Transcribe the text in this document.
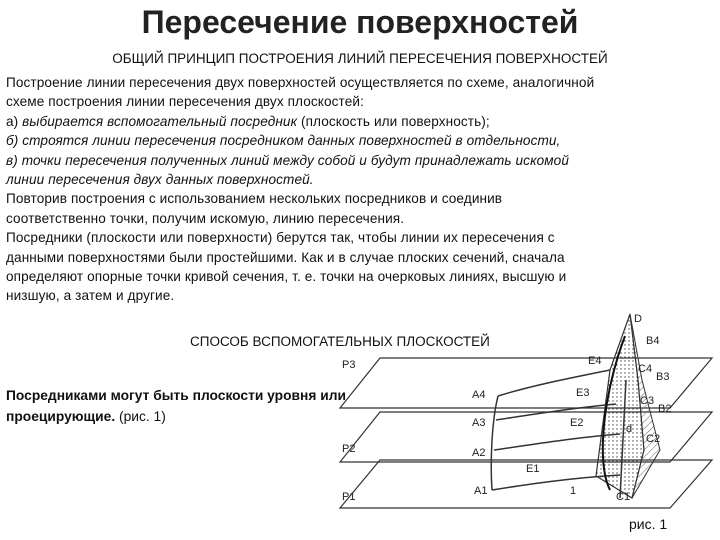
Пересечение поверхностей
ОБЩИЙ ПРИНЦИП ПОСТРОЕНИЯ ЛИНИЙ ПЕРЕСЕЧЕНИЯ ПОВЕРХНОСТЕЙ

Построение линии пересечения двух поверхностей осуществляется по схеме, аналогичной

схеме построения линии пересечения двух плоскостей:

а) выбирается вспомогательный посредник (плоскость или поверхность);

б) строятся линии пересечения посредником данных поверхностей в отдельности,

в) точки пересечения полученных линий между собой и будут принадлежать искомой

линии пересечения двух данных поверхностей.

Повторив построения с использованием нескольких посредников и соединив

соответственно точки, получим искомую, линию пересечения.

Посредники (плоскости или поверхности) берутся так, чтобы линии их пересечения с

данными поверхностями были простейшими. Как и в случае плоских сечений, сначала

определяют опорные точки кривой сечения, т. е. точки на очерковых линиях, высшую и

низшую, а затем и другие.

СПОСОБ ВСПОМОГАТЕЛЬНЫХ ПЛОСКОСТЕЙ
Посредниками могут быть плоскости уровня или
проецирующие. (рис. 1)
D
B4
E4
P3	C4
B3
A4	E3
C3
B2
A3	E2	d
C2
P2	A2
E1
P1	A1	1	C1
рис. 1
